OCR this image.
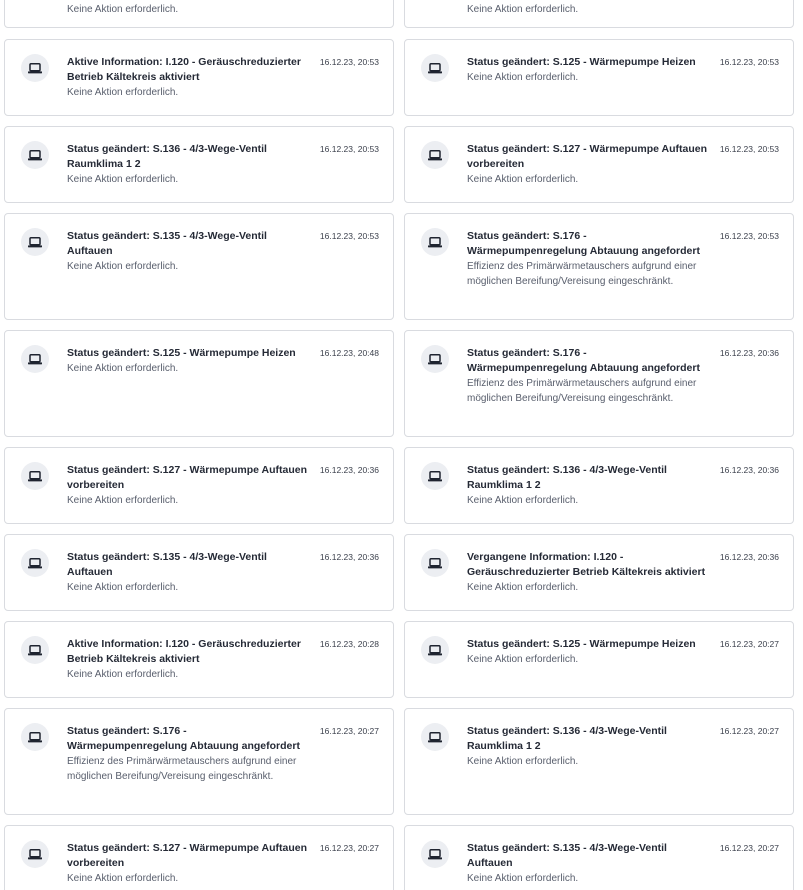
Keine Aktion erforderlich.	Keine Aktion erforderlich.
Aktive Information: I.120 - Geräuschreduzierter Betrieb Kältekreis aktiviert
Keine Aktion erforderlich.
16.12.23, 20:53	Status geändert: S.125 - Wärmepumpe Heizen
Keine Aktion erforderlich.
16.12.23, 20:53
Status geändert: S.136 - 4/3-Wege-Ventil Raumklima 1 2
Keine Aktion erforderlich.
16.12.23, 20:53	Status geändert: S.127 - Wärmepumpe Auftauen vorbereiten
Keine Aktion erforderlich.
16.12.23, 20:53
Status geändert: S.135 - 4/3-Wege-Ventil Auftauen
Keine Aktion erforderlich.
16.12.23, 20:53	Status geändert: S.176 - Wärmepumpenregelung Abtauung angefordert
Effizienz des Primärwärmetauschers aufgrund einer möglichen Bereifung/Vereisung eingeschränkt.
16.12.23, 20:53
Status geändert: S.125 - Wärmepumpe Heizen
Keine Aktion erforderlich.
16.12.23, 20:48	Status geändert: S.176 - Wärmepumpenregelung Abtauung angefordert
Effizienz des Primärwärmetauschers aufgrund einer möglichen Bereifung/Vereisung eingeschränkt.
16.12.23, 20:36
Status geändert: S.127 - Wärmepumpe Auftauen vorbereiten
Keine Aktion erforderlich.
16.12.23, 20:36	Status geändert: S.136 - 4/3-Wege-Ventil Raumklima 1 2
Keine Aktion erforderlich.
16.12.23, 20:36
Status geändert: S.135 - 4/3-Wege-Ventil Auftauen
Keine Aktion erforderlich.
16.12.23, 20:36	Vergangene Information: I.120 - Geräuschreduzierter Betrieb Kältekreis aktiviert
Keine Aktion erforderlich.
16.12.23, 20:36
Aktive Information: I.120 - Geräuschreduzierter Betrieb Kältekreis aktiviert
Keine Aktion erforderlich.
16.12.23, 20:28	Status geändert: S.125 - Wärmepumpe Heizen
Keine Aktion erforderlich.
16.12.23, 20:27
Status geändert: S.176 - Wärmepumpenregelung Abtauung angefordert
Effizienz des Primärwärmetauschers aufgrund einer möglichen Bereifung/Vereisung eingeschränkt.
16.12.23, 20:27	Status geändert: S.136 - 4/3-Wege-Ventil Raumklima 1 2
Keine Aktion erforderlich.
16.12.23, 20:27
Status geändert: S.127 - Wärmepumpe Auftauen vorbereiten
Keine Aktion erforderlich.
16.12.23, 20:27	Status geändert: S.135 - 4/3-Wege-Ventil Auftauen
Keine Aktion erforderlich.
16.12.23, 20:27
